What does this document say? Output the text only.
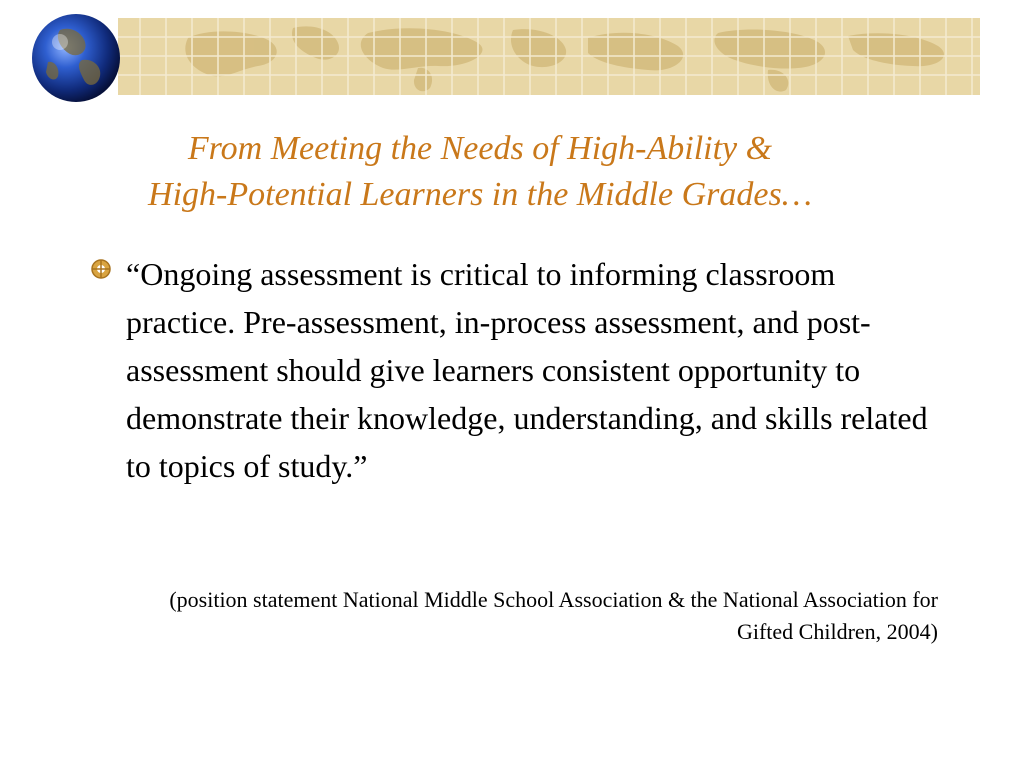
From Meeting the Needs of High-Ability &
High-Potential Learners in the Middle Grades…

“Ongoing assessment is critical to informing classroom practice. Pre-assessment, in-process assessment, and post-assessment should give learners consistent opportunity to demonstrate their knowledge, understanding, and skills related to topics of study.”

(position statement National Middle School Association & the National Association for Gifted Children, 2004)
